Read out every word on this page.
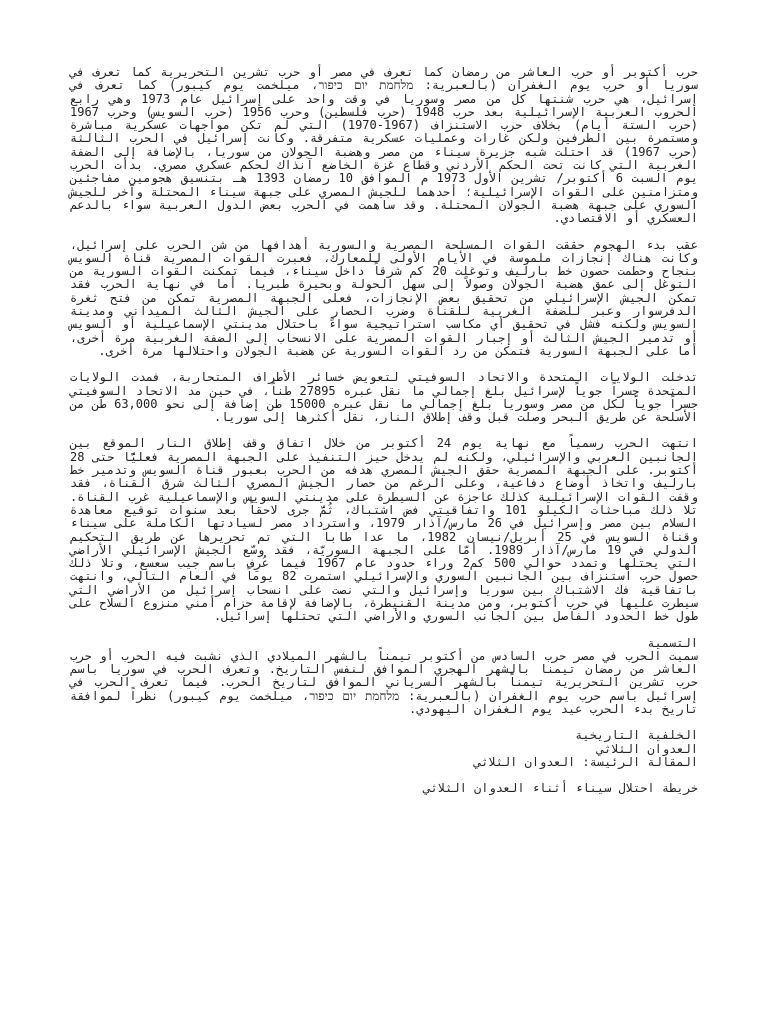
حرب أكتوبر أو حرب العاشر من رمضان كما تعرف في مصر أو حرب تشرين التحريرية كما تعرف في سوريا أو حرب يوم الغفران (بالعبرية: מלחמת יום כיפור، ميلخمت يوم كيبور) كما تعرف في إسرائيل، هي حرب شنتها كل من مصر وسوريا في وقت واحد على إسرائيل عام 1973 وهي رابع الحروب العربية الإسرائيلية بعد حرب 1948 (حرب فلسطين) وحرب 1956 (حرب السويس) وحرب 1967 (حرب الستة أيام) بخلاف حرب الاستنزاف (1967-1970) التي لم تكن مواجهات عسكرية مباشرة ومستمرة بين الطرفين ولكن غارات وعمليات عسكرية متفرقة. وكانت إسرائيل في الحرب الثالثة (حرب 1967) قد احتلت شبه جزيرة سيناء من مصر وهضبة الجولان من سوريا، بالإضافة إلى الضفة الغربية التي كانت تحت الحكم الأردني وقطاع غزة الخاضع آنذاك لحكم عسكري مصري. بدأت الحرب يوم السبت 6 أكتوبر/ تشرين الأول 1973 م الموافق 10 رمضان 1393 هـ بتنسيق هجومين مفاجئين ومتزامنين على القوات الإسرائيلية؛ أحدهما للجيش المصري على جبهة سيناء المحتلة وآخر للجيش السوري على جبهة هضبة الجولان المحتلة. وقد ساهمت في الحرب بعض الدول العربية سواء بالدعم العسكري أو الاقتصادي.

عقب بدء الهجوم حققت القوات المسلحة المصرية والسورية أهدافها من شن الحرب على إسرائيل، وكانت هناك إنجازات ملموسة في الأيام الأولى للمعارك، فعبرت القوات المصرية قناة السويس بنجاح وحطمت حصون خط بارليف وتوغلت 20 كم شرقاً داخل سيناء، فيما تمكنت القوات السورية من التوغل إلى عمق هضبة الجولان وصولاً إلى سهل الحولة وبحيرة طبريا. أما في نهاية الحرب فقد تمكن الجيش الإسرائيلي من تحقيق بعض الإنجازات، فعلى الجبهة المصرية تمكن من فتح ثغرة الدفرسوار وعبر للضفة الغربية للقناة وضرب الحصار على الجيش الثالث الميداني ومدينة السويس ولكنه فشل في تحقيق أي مكاسب استراتيجية سواءً باحتلال مدينتي الإسماعيلية أو السويس أو تدمير الجيش الثالث أو إجبار القوات المصرية على الانسحاب إلى الضفة الغربية مرة أخرى، أما على الجبهة السورية فتمكن من رد القوات السورية عن هضبة الجولان واحتلالها مرة أخرى.

تدخلت الولايات المتحدة والاتحاد السوفيتي لتعويض خسائر الأطراف المتحاربة، فمدت الولايات المتحدة جسراً جوياً لإسرائيل بلغ إجمالي ما نقل عبره 27895 طناً، في حين مد الاتحاد السوفيتي جسراً جوياً لكل من مصر وسوريا بلغ إجمالي ما نقل عبره 15000 طن إضافة إلى نحو 63,000 طن من الأسلحة عن طريق البحر وصلت قبل وقف إطلاق النار، نقل أكثرها إلى سوريا.

انتهت الحرب رسمياً مع نهاية يوم 24 أكتوبر من خلال اتفاق وقف إطلاق النار الموقع بين الجانبين العربي والإسرائيلي، ولكنه لم يدخل حيز التنفيذ على الجبهة المصرية فعليًّا حتى 28 أكتوبر. على الجبهة المصرية حقق الجيش المصري هدفه من الحرب بعبور قناة السويس وتدمير خط بارليف واتخاذ أوضاع دفاعية، وعلى الرغم من حصار الجيش المصري الثالث شرق القناة، فقد وقفت القوات الإسرائيلية كذلك عاجزة عن السيطرة على مدينتي السويس والإسماعيلية غرب القناة. تلا ذلك مباحثات الكيلو 101 واتفاقيتي فض اشتباك، ثُمَّ جرى لاحقاً بعد سنوات توقيع معاهدة السلام بين مصر وإسرائيل في 26 مارس/آذار 1979، واسترداد مصر لسيادتها الكاملة على سيناء وقناة السويس في 25 أبريل/نيسان 1982، ما عدا طابا التي تم تحريرها عن طريق التحكيم الدولي في 19 مارس/آذار 1989. أمّا على الجبهة السوريّة، فقد وسّع الجيش الإسرائيلي الأراضي التي يحتلها وتمدد حوالي 500 كم2 وراء حدود عام 1967 فيما عُرِف باسم جيب سعسع، وتلا ذلك حصول حرب استنزاف بين الجانبين السوري والإسرائيلي استمرت 82 يوماً في العام التالي، وانتهت باتفاقية فك الاشتباك بين سوريا وإسرائيل والتي نصت على انسحاب إسرائيل من الأراضي التي سيطرت عليها في حرب أكتوبر، ومن مدينة القنيطرة، بالإضافة لإقامة حزام أمني منزوع السلاح على طول خط الحدود الفاصل بين الجانب السوري والأراضي التي تحتلها إسرائيل.

التسمية

سميت الحرب في مصر حرب السادس من أكتوبر تيمناً بالشهر الميلادي الذي نشبت فيه الحرب أو حرب العاشر من رمضان تيمنا بالشهر الهجري الموافق لنفس التاريخ. وتعرف الحرب في سوريا باسم حرب تشرين التحريرية تيمناً بالشهر السرياني الموافق لتاريخ الحرب. فيما تعرف الحرب في إسرائيل باسم حرب يوم الغفران (بالعبرية: מלחמת יום כיפור، ميلخمت يوم كيبور) نظراً لموافقة تاريخ بدء الحرب عيد يوم الغفران اليهودي.

الخلفية التاريخية

العدوان الثلاثي

المقالة الرئيسة: العدوان الثلاثي

خريطة احتلال سيناء أثناء العدوان الثلاثي
